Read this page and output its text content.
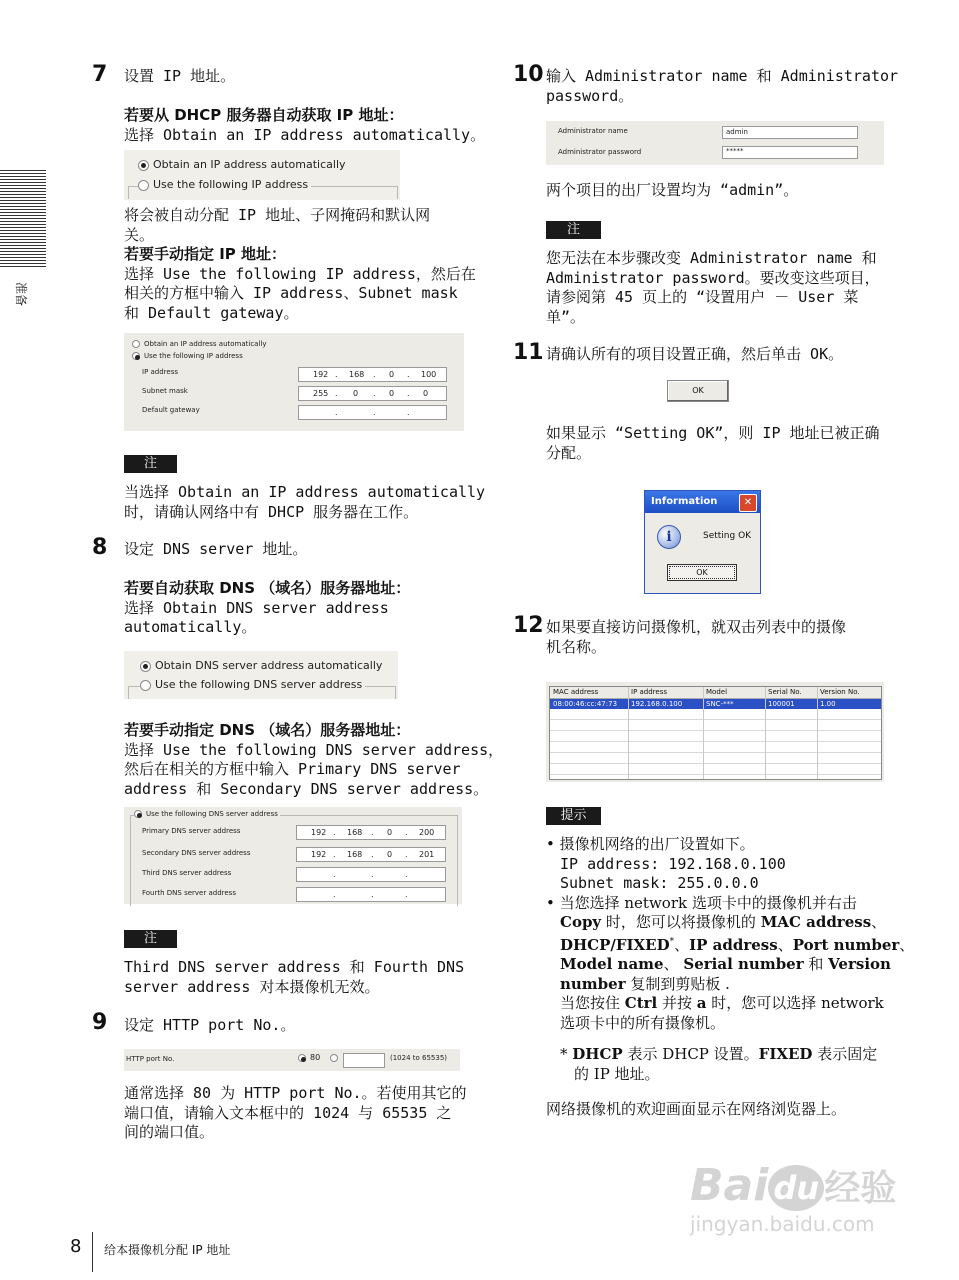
准备
7 设置 IP 地址。
若要从 DHCP 服务器自动获取 IP 地址：
选择 Obtain an IP address automatically。
Obtain an IP address automatically
Use the following IP address
将会被自动分配 IP 地址、子网掩码和默认网
关。
若要手动指定 IP 地址：
选择 Use the following IP address，然后在
相关的方框中输入 IP address、Subnet mask
和 Default gateway。
Obtain an IP address automatically
Use the following IP address
IP address	192 . 168 . 0 . 100
Subnet mask	255 . 0 . 0 . 0
Default gateway	.	.	.
注
当选择 Obtain an IP address automatically
时，请确认网络中有 DHCP 服务器在工作。
8 设定 DNS server 地址。
若要自动获取 DNS （域名）服务器地址：
选择 Obtain DNS server address
automatically。
Obtain DNS server address automatically
Use the following DNS server address
若要手动指定 DNS （域名）服务器地址：
选择 Use the following DNS server address，
然后在相关的方框中输入 Primary DNS server
address 和 Secondary DNS server address。
Use the following DNS server address
Primary DNS server address	192 . 168 . 0 . 200
Secondary DNS server address	192 . 168 . 0 . 201
Third DNS server address	.	.	.
Fourth DNS server address	.	.	.
注
Third DNS server address 和 Fourth DNS
server address 对本摄像机无效。
9 设定 HTTP port No.。
HTTP port No.	80	(1024 to 65535)
通常选择 80 为 HTTP port No.。若使用其它的
端口值，请输入文本框中的 1024 与 65535 之
间的端口值。
10 输入 Administrator name 和 Administrator
password。
Administrator name	admin
Administrator password	*****
两个项目的出厂设置均为 “admin”。
注
您无法在本步骤改变 Administrator name 和
Administrator password。要改变这些项目，
请参阅第 45 页上的 “设置用户 － User 菜
单”。
11 请确认所有的项目设置正确，然后单击 OK。
OK
如果显示 “Setting OK”，则 IP 地址已被正确
分配。
Information	✕
i	Setting OK
OK
12 如果要直接访问摄像机，就双击列表中的摄像
机名称。
MAC address	IP address	Model	Serial No.	Version No.
08:00:46:cc:47:73 192.168.0.100	SNC-***	100001	1.00
提示
• 摄像机网络的出厂设置如下。
IP address: 192.168.0.100
Subnet mask: 255.0.0.0
• 当您选择 network 选项卡中的摄像机并右击
Copy 时，您可以将摄像机的 MAC address、
DHCP/FIXED*、IP address、Port number、
Model name、 Serial number 和 Version
number 复制到剪贴板 .
当您按住 Ctrl 并按 a 时，您可以选择 network
选项卡中的所有摄像机。
* DHCP 表示 DHCP 设置。FIXED 表示固定
的 IP 地址。
网络摄像机的欢迎画面显示在网络浏览器上。
Bai du 经验
jingyan.baidu.com
8 给本摄像机分配 IP 地址
